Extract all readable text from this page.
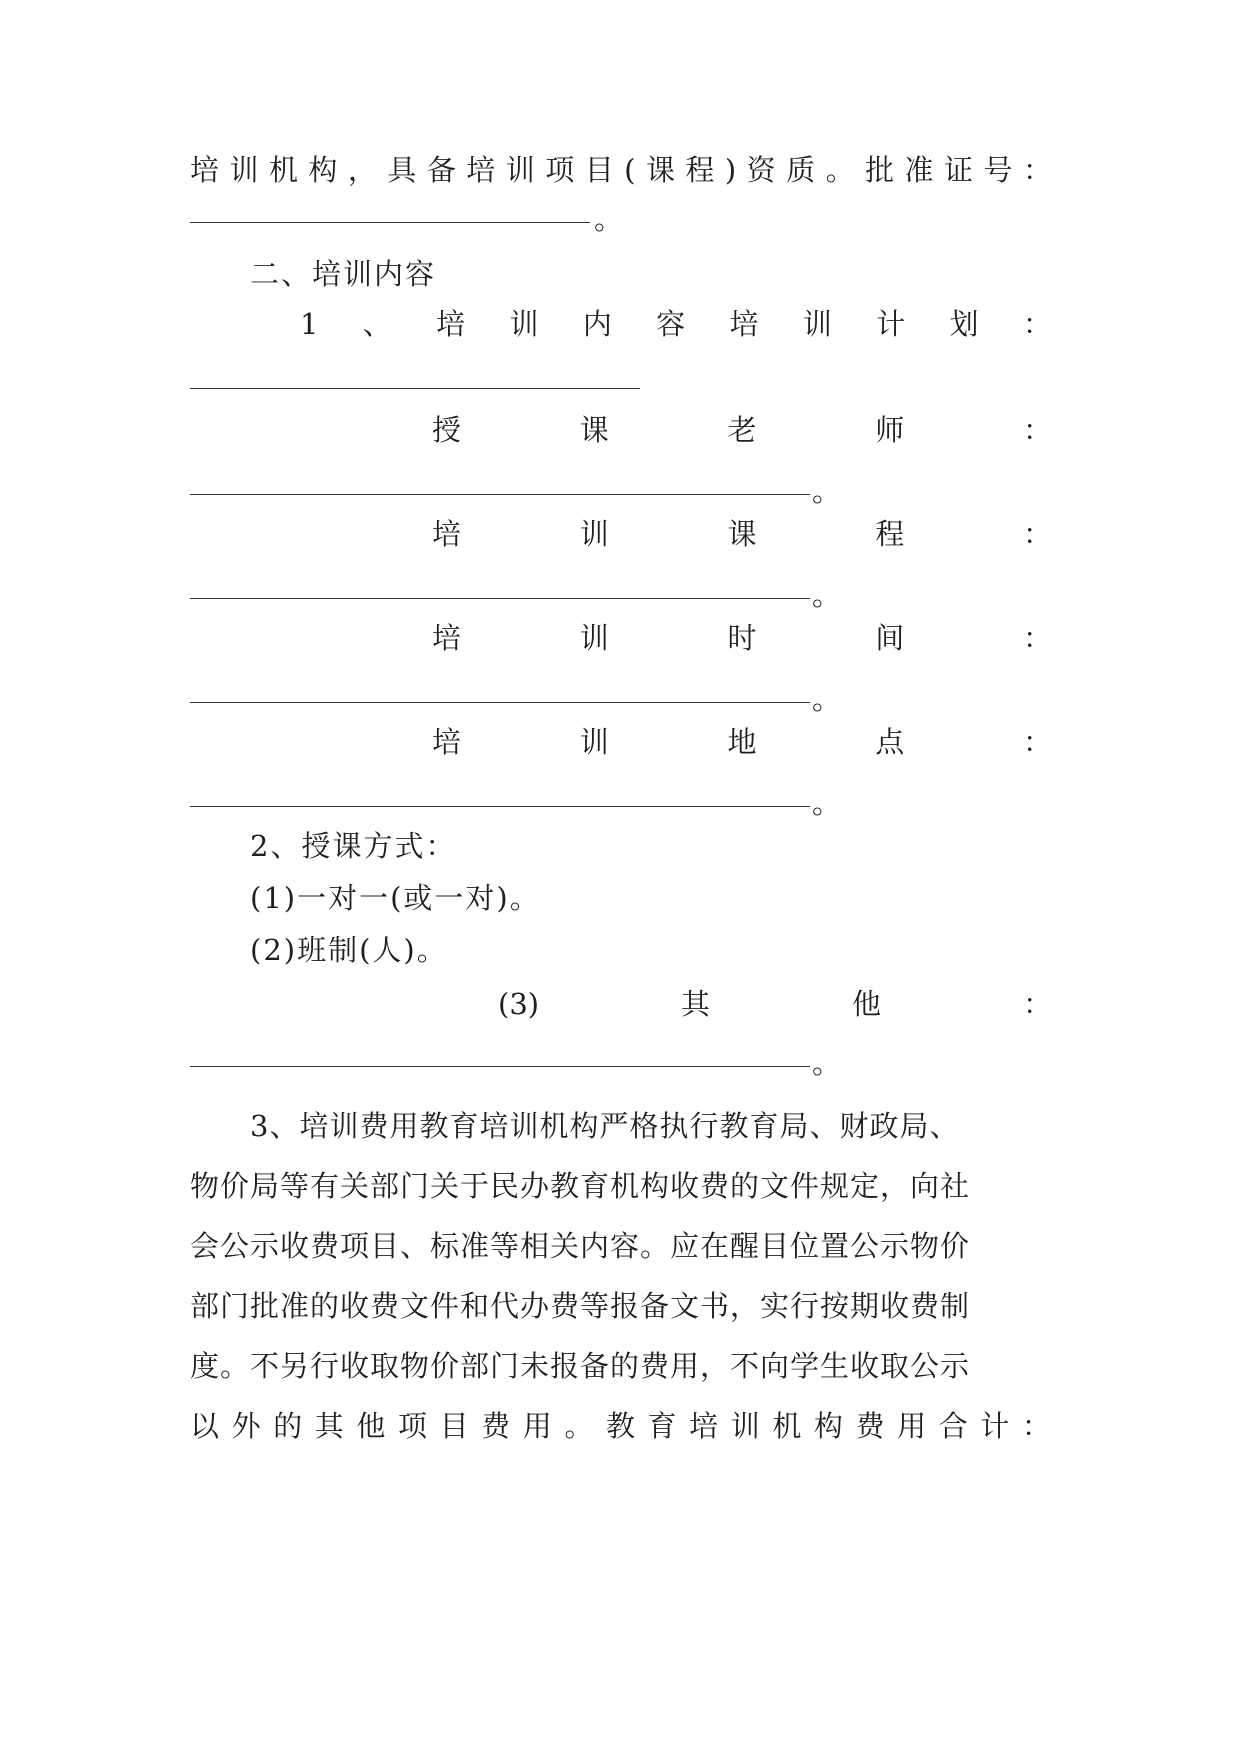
培 训 机 构 ， 具 备 培 训 项 目 ( 课 程 ) 资 质 。 批 准 证 号 ：
。
二、培训内容
1 、 培 训 内 容 培 训 计 划 ：
授	课	老	师	：
。
培	训	课	程	：
。
培	训	时	间	：
。
培	训	地	点	：
。
2、授课方式：
(1)一对一(或一对)。
(2)班制(人)。
(3)	其	他	：
。
3、培训费用教育培训机构严格执行教育局、财政局、
物价局等有关部门关于民办教育机构收费的文件规定，向社
会公示收费项目、标准等相关内容。应在醒目位置公示物价
部门批准的收费文件和代办费等报备文书，实行按期收费制
度。不另行收取物价部门未报备的费用，不向学生收取公示
以 外 的 其 他 项 目 费 用 。 教 育 培 训 机 构 费 用 合 计 ：
